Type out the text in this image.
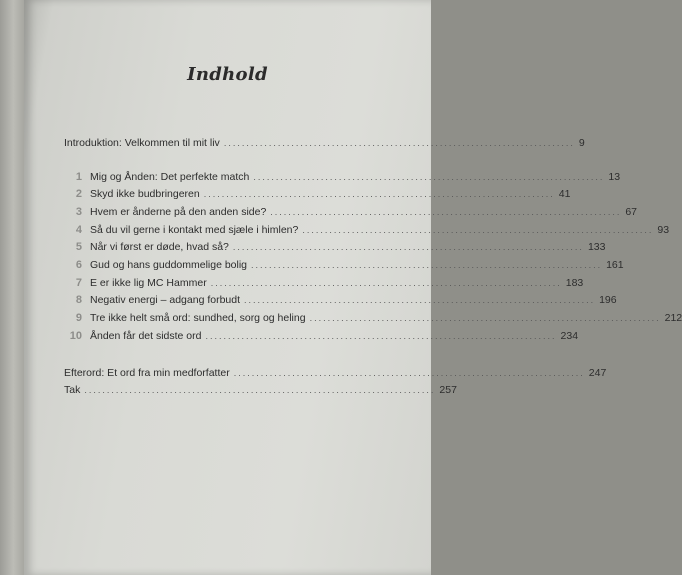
Indhold
Introduktion: Velkommen til mit liv .............................................................................. 9
1 Mig og Ånden: Det perfekte match .............................................................................. 13
2 Skyd ikke budbringeren .............................................................................. 41
3 Hvem er ånderne på den anden side? .............................................................................. 67
4 Så du vil gerne i kontakt med sjæle i himlen? .............................................................................. 93
5 Når vi først er døde, hvad så? .............................................................................. 133
6 Gud og hans guddommelige bolig .............................................................................. 161
7 E er ikke lig MC Hammer .............................................................................. 183
8 Negativ energi – adgang forbudt .............................................................................. 196
9 Tre ikke helt små ord: sundhed, sorg og heling .............................................................................. 212
10 Ånden får det sidste ord .............................................................................. 234
Efterord: Et ord fra min medforfatter .............................................................................. 247
Tak .............................................................................. 257
